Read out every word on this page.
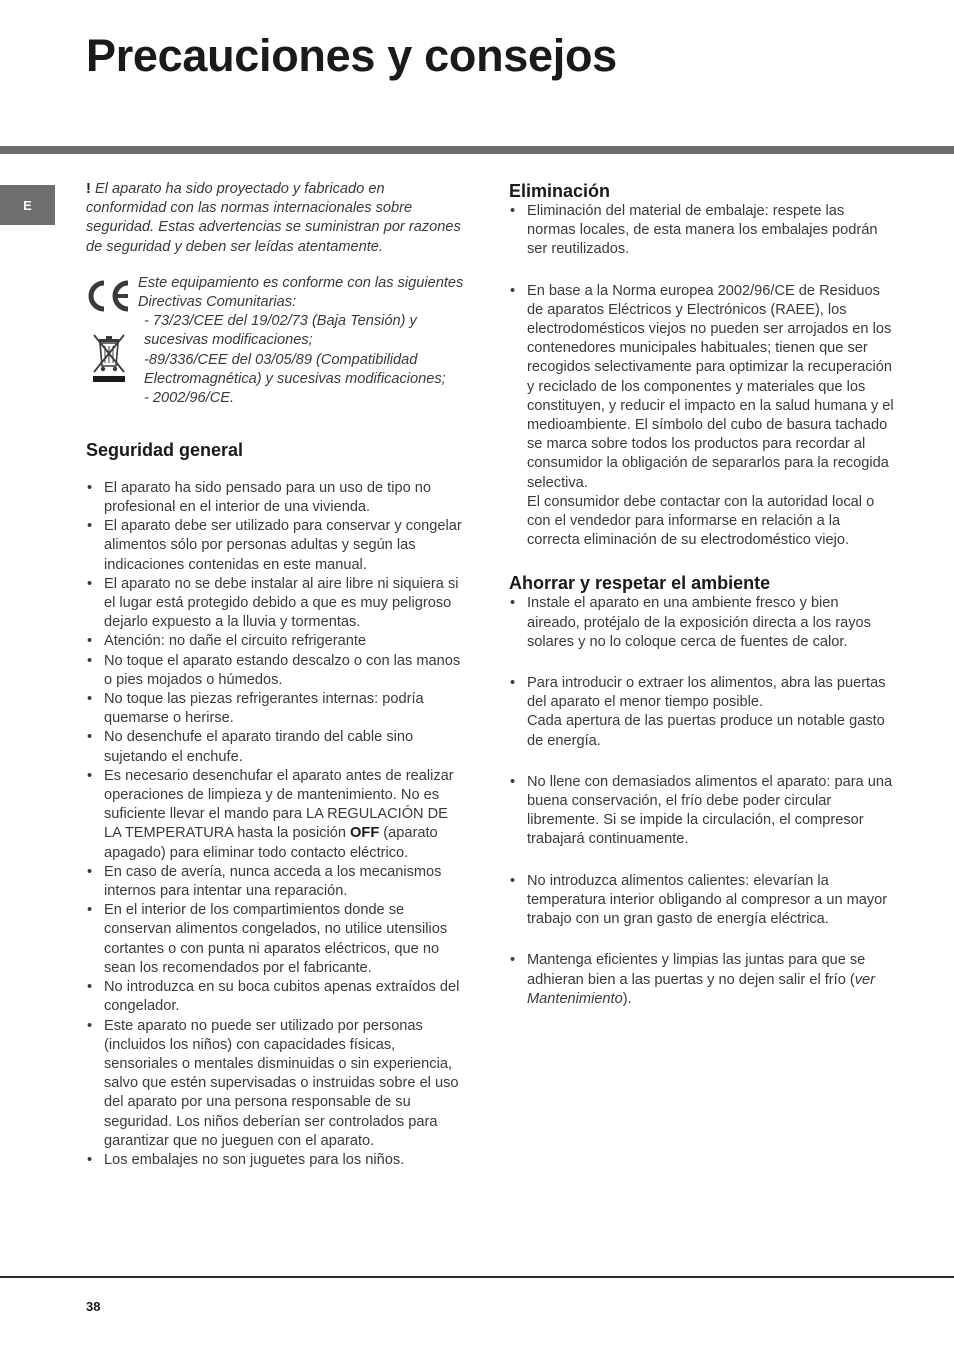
Precauciones y consejos
E

! El aparato ha sido proyectado y fabricado en conformidad con las normas internacionales sobre seguridad. Estas advertencias se suministran por razones de seguridad y deben ser leídas atentamente.

Este equipamiento es conforme con las siguientes Directivas Comunitarias:
- 73/23/CEE del 19/02/73 (Baja Tensión) y sucesivas modificaciones;
-89/336/CEE del 03/05/89 (Compatibilidad Electromagnética) y sucesivas modificaciones;
- 2002/96/CE.

Seguridad general
• El aparato ha sido pensado para un uso de tipo no profesional en el interior de una vivienda.
• El aparato debe ser utilizado para conservar y congelar alimentos sólo por personas adultas y según las indicaciones contenidas en este manual.
• El aparato no se debe instalar al aire libre ni siquiera si el lugar está protegido debido a que es muy peligroso dejarlo expuesto a la lluvia y tormentas.
• Atención: no dañe el circuito refrigerante
• No toque el aparato estando descalzo o con las manos o pies mojados o húmedos.
• No toque las piezas refrigerantes internas: podría quemarse o herirse.
• No desenchufe el aparato tirando del cable sino sujetando el enchufe.
• Es necesario desenchufar el aparato antes de realizar operaciones de limpieza y de mantenimiento. No es suficiente llevar el mando para LA REGULACIÓN DE LA TEMPERATURA hasta la posición OFF (aparato apagado) para eliminar todo contacto eléctrico.
• En caso de avería, nunca acceda a los mecanismos internos para intentar una reparación.
• En el interior de los compartimientos donde se conservan alimentos congelados, no utilice utensilios cortantes o con punta ni aparatos eléctricos, que no sean los recomendados por el fabricante.
• No introduzca en su boca cubitos apenas extraídos del congelador.
• Este aparato no puede ser utilizado por personas (incluidos los niños) con capacidades físicas, sensoriales o mentales disminuidas o sin experiencia, salvo que estén supervisadas o instruidas sobre el uso del aparato por una persona responsable de su seguridad. Los niños deberían ser controlados para garantizar que no jueguen con el aparato.
• Los embalajes no son juguetes para los niños.
Eliminación
• Eliminación del material de embalaje: respete las normas locales, de esta manera los embalajes podrán ser reutilizados.
• En base a la Norma europea 2002/96/CE de Residuos de aparatos Eléctricos y Electrónicos (RAEE), los electrodomésticos viejos no pueden ser arrojados en los contenedores municipales habituales; tienen que ser recogidos selectivamente para optimizar la recuperación y reciclado de los componentes y materiales que los constituyen, y reducir el impacto en la salud humana y el medioambiente. El símbolo del cubo de basura tachado se marca sobre todos los productos para recordar al consumidor la obligación de separarlos para la recogida selectiva.
El consumidor debe contactar con la autoridad local o con el vendedor para informarse en relación a la correcta eliminación de su electrodoméstico viejo.
Ahorrar y respetar el ambiente
• Instale el aparato en una ambiente fresco y bien aireado, protéjalo de la exposición directa a los rayos solares y no lo coloque cerca de fuentes de calor.
• Para introducir o extraer los alimentos, abra las puertas del aparato el menor tiempo posible.
Cada apertura de las puertas produce un notable gasto de energía.
• No llene con demasiados alimentos el aparato: para una buena conservación, el frío debe poder circular libremente. Si se impide la circulación, el compresor trabajará continuamente.
• No introduzca alimentos calientes: elevarían la temperatura interior obligando al compresor a un mayor trabajo con un gran gasto de energía eléctrica.
• Mantenga eficientes y limpias las juntas para que se adhieran bien a las puertas y no dejen salir el frío (ver Mantenimiento).
38
